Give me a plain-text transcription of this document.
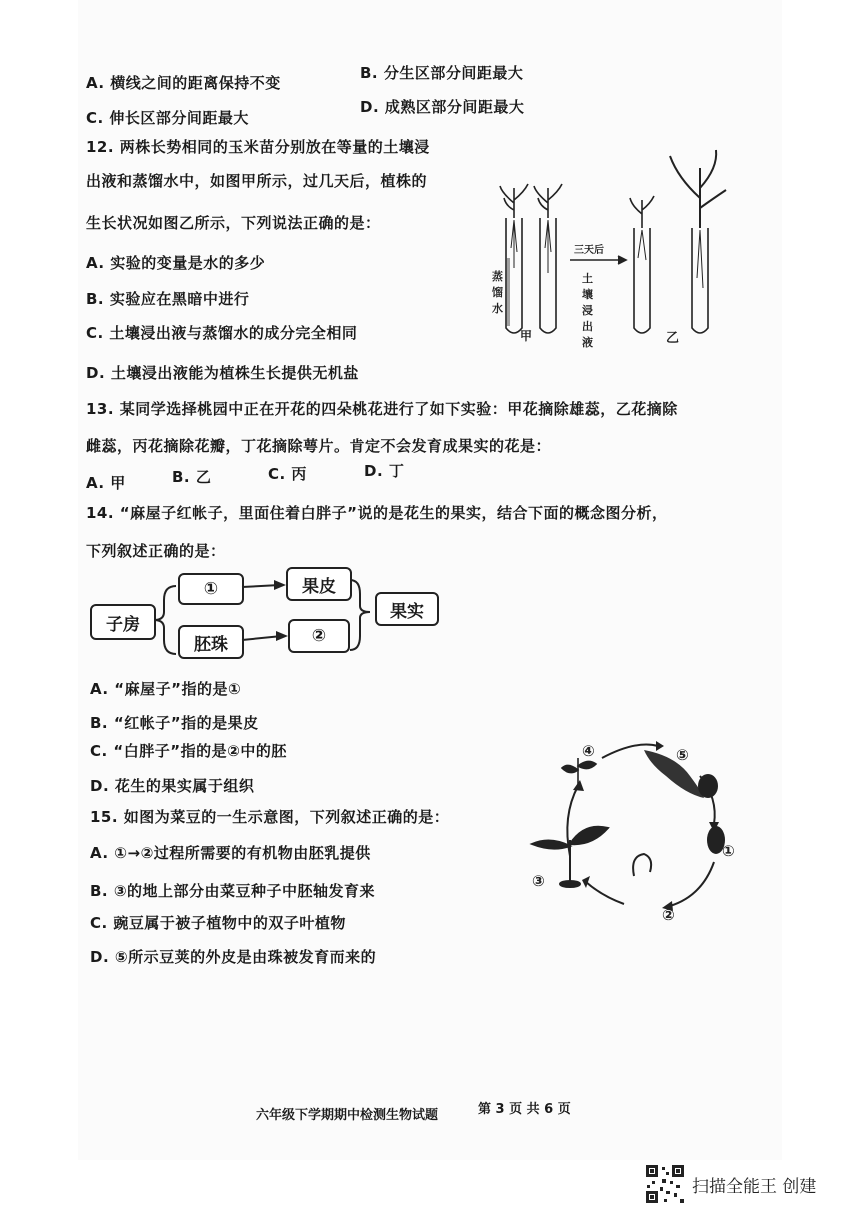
A. 横线之间的距离保持不变
B. 分生区部分间距最大
C. 伸长区部分间距最大
D. 成熟区部分间距最大
12. 两株长势相同的玉米苗分别放在等量的土壤浸
出液和蒸馏水中，如图甲所示，过几天后，植株的
生长状况如图乙所示，下列说法正确的是：
A. 实验的变量是水的多少
B. 实验应在黑暗中进行
C. 土壤浸出液与蒸馏水的成分完全相同
D. 土壤浸出液能为植株生长提供无机盐
蒸
馏
水
三天后
土
壤
浸
出
液
甲	乙
13. 某同学选择桃园中正在开花的四朵桃花进行了如下实验：甲花摘除雄蕊，乙花摘除
雌蕊，丙花摘除花瓣，丁花摘除萼片。肯定不会发育成果实的花是：
A. 甲	B. 乙	C. 丙	D. 丁
14. “麻屋子红帐子，里面住着白胖子”说的是花生的果实，结合下面的概念图分析，
下列叙述正确的是：
子房
①	果皮
胚珠	②
果实
A. “麻屋子”指的是①
B. “红帐子”指的是果皮
C. “白胖子”指的是②中的胚
D. 花生的果实属于组织
15. 如图为菜豆的一生示意图，下列叙述正确的是：
A. ①→②过程所需要的有机物由胚乳提供
B. ③的地上部分由菜豆种子中胚轴发育来
C. 豌豆属于被子植物中的双子叶植物
D. ⑤所示豆荚的外皮是由珠被发育而来的
①
②
③
④	⑤
六年级下学期期中检测生物试题	第 3 页 共 6 页
扫描全能王 创建
